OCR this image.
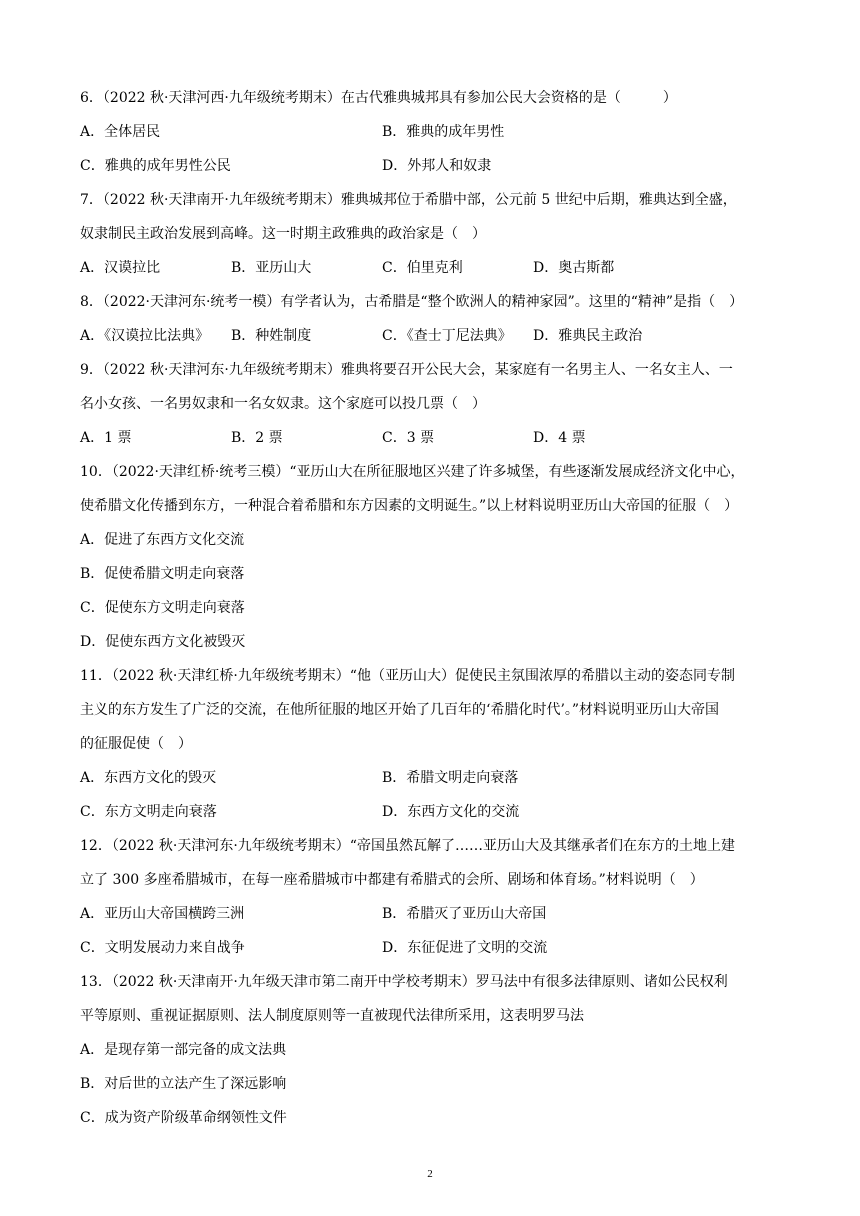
6．（2022 秋·天津河西·九年级统考期末）在古代雅典城邦具有参加公民大会资格的是（　　　）
A．全体居民	B．雅典的成年男性
C．雅典的成年男性公民	D．外邦人和奴隶
7．（2022 秋·天津南开·九年级统考期末）雅典城邦位于希腊中部，公元前 5 世纪中后期，雅典达到全盛，
奴隶制民主政治发展到高峰。这一时期主政雅典的政治家是（　）
A．汉谟拉比	B．亚历山大	C．伯里克利	D．奥古斯都
8．（2022·天津河东·统考一模）有学者认为，古希腊是“整个欧洲人的精神家园”。这里的“精神”是指（　）
A．《汉谟拉比法典》 B．种姓制度	C．《查士丁尼法典》 D．雅典民主政治
9．（2022 秋·天津河东·九年级统考期末）雅典将要召开公民大会，某家庭有一名男主人、一名女主人、一
名小女孩、一名男奴隶和一名女奴隶。这个家庭可以投几票（　）
A．1 票	B．2 票	C．3 票	D．4 票
10．（2022·天津红桥·统考三模）“亚历山大在所征服地区兴建了许多城堡，有些逐渐发展成经济文化中心，
使希腊文化传播到东方，一种混合着希腊和东方因素的文明诞生。”以上材料说明亚历山大帝国的征服（　）
A．促进了东西方文化交流
B．促使希腊文明走向衰落
C．促使东方文明走向衰落
D．促使东西方文化被毁灭
11．（2022 秋·天津红桥·九年级统考期末）“他（亚历山大）促使民主氛围浓厚的希腊以主动的姿态同专制
主义的东方发生了广泛的交流，在他所征服的地区开始了几百年的‘希腊化时代’。”材料说明亚历山大帝国
的征服促使（　）
A．东西方文化的毁灭	B．希腊文明走向衰落
C．东方文明走向衰落	D．东西方文化的交流
12．（2022 秋·天津河东·九年级统考期末）“帝国虽然瓦解了……亚历山大及其继承者们在东方的土地上建
立了 300 多座希腊城市，在每一座希腊城市中都建有希腊式的会所、剧场和体育场。”材料说明（　）
A．亚历山大帝国横跨三洲	B．希腊灭了亚历山大帝国
C．文明发展动力来自战争	D．东征促进了文明的交流
13．（2022 秋·天津南开·九年级天津市第二南开中学校考期末）罗马法中有很多法律原则、诸如公民权利
平等原则、重视证据原则、法人制度原则等一直被现代法律所采用，这表明罗马法
A．是现存第一部完备的成文法典
B．对后世的立法产生了深远影响
C．成为资产阶级革命纲领性文件
2
